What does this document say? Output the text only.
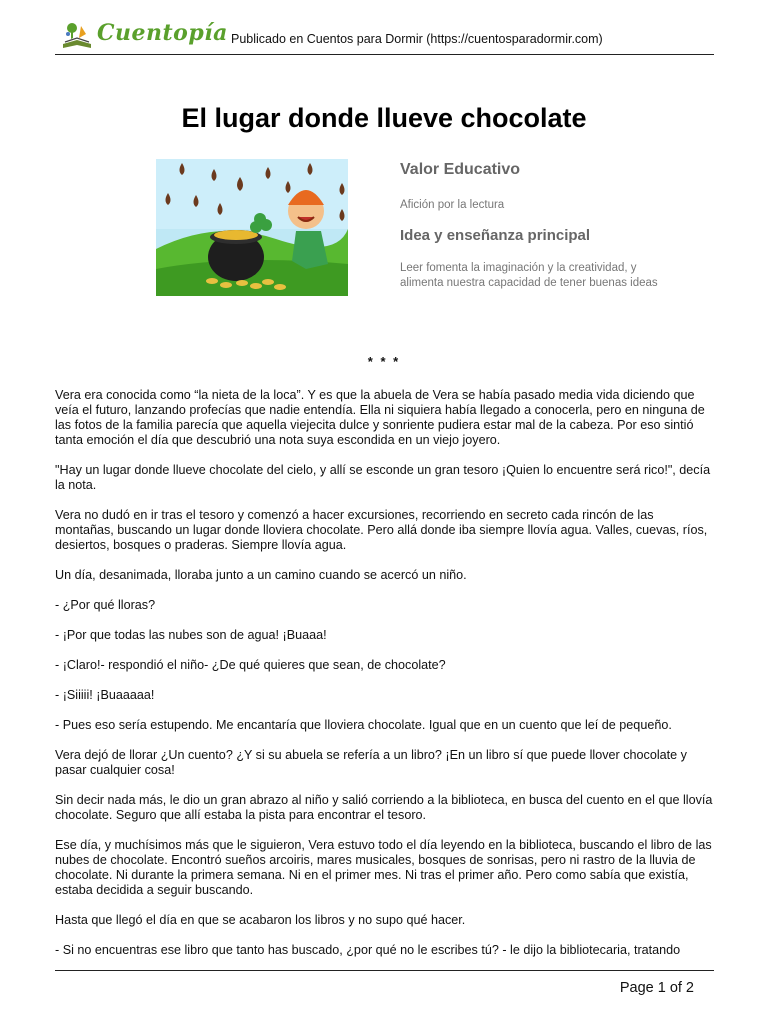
Cuentopía Publicado en Cuentos para Dormir (https://cuentosparadormir.com)
El lugar donde llueve chocolate
Valor Educativo
Afición por la lectura
Idea y enseñanza principal
Leer fomenta la imaginación y la creatividad, y alimenta nuestra capacidad de tener buenas ideas
* * *

Vera era conocida como “la nieta de la loca”. Y es que la abuela de Vera se había pasado media vida diciendo que veía el futuro, lanzando profecías que nadie entendía. Ella ni siquiera había llegado a conocerla, pero en ninguna de las fotos de la familia parecía que aquella viejecita dulce y sonriente pudiera estar mal de la cabeza. Por eso sintió tanta emoción el día que descubrió una nota suya escondida en un viejo joyero.

"Hay un lugar donde llueve chocolate del cielo, y allí se esconde un gran tesoro ¡Quien lo encuentre será rico!", decía la nota.

Vera no dudó en ir tras el tesoro y comenzó a hacer excursiones, recorriendo en secreto cada rincón de las montañas, buscando un lugar donde lloviera chocolate. Pero allá donde iba siempre llovía agua. Valles, cuevas, ríos, desiertos, bosques o praderas. Siempre llovía agua.

Un día, desanimada, lloraba junto a un camino cuando se acercó un niño.

- ¿Por qué lloras?

- ¡Por que todas las nubes son de agua! ¡Buaaa!

- ¡Claro!- respondió el niño- ¿De qué quieres que sean, de chocolate?

- ¡Siiiii! ¡Buaaaaa!

- Pues eso sería estupendo. Me encantaría que lloviera chocolate. Igual que en un cuento que leí de pequeño.

Vera dejó de llorar ¿Un cuento? ¿Y si su abuela se refería a un libro? ¡En un libro sí que puede llover chocolate y pasar cualquier cosa!

Sin decir nada más, le dio un gran abrazo al niño y salió corriendo a la biblioteca, en busca del cuento en el que llovía chocolate. Seguro que allí estaba la pista para encontrar el tesoro.

Ese día, y muchísimos más que le siguieron, Vera estuvo todo el día leyendo en la biblioteca, buscando el libro de las nubes de chocolate. Encontró sueños arcoiris, mares musicales, bosques de sonrisas, pero ni rastro de la lluvia de chocolate. Ni durante la primera semana. Ni en el primer mes. Ni tras el primer año. Pero como sabía que existía, estaba decidida a seguir buscando.

Hasta que llegó el día en que se acabaron los libros y no supo qué hacer.

- Si no encuentras ese libro que tanto has buscado, ¿por qué no le escribes tú? - le dijo la bibliotecaria, tratando

Page 1 of 2
